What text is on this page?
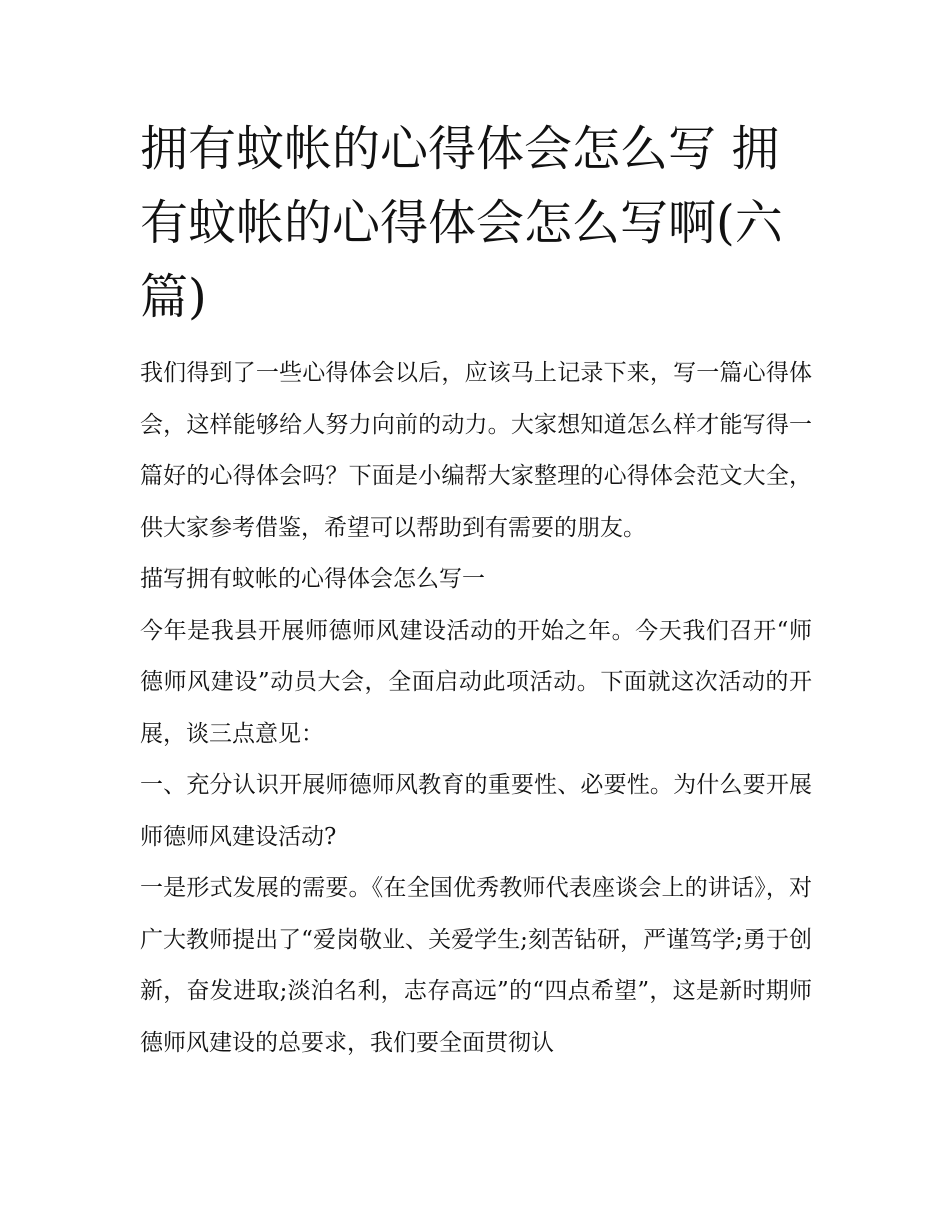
拥有蚊帐的心得体会怎么写 拥有蚊帐的心得体会怎么写啊(六篇)

我们得到了一些心得体会以后，应该马上记录下来，写一篇心得体会，这样能够给人努力向前的动力。大家想知道怎么样才能写得一篇好的心得体会吗？下面是小编帮大家整理的心得体会范文大全，供大家参考借鉴，希望可以帮助到有需要的朋友。

描写拥有蚊帐的心得体会怎么写一

今年是我县开展师德师风建设活动的开始之年。今天我们召开“师德师风建设”动员大会，全面启动此项活动。下面就这次活动的开展，谈三点意见：

一、充分认识开展师德师风教育的重要性、必要性。为什么要开展师德师风建设活动?

一是形式发展的需要。《在全国优秀教师代表座谈会上的讲话》，对广大教师提出了“爱岗敬业、关爱学生;刻苦钻研，严谨笃学;勇于创新，奋发进取;淡泊名利，志存高远”的“四点希望”，这是新时期师德师风建设的总要求，我们要全面贯彻认
